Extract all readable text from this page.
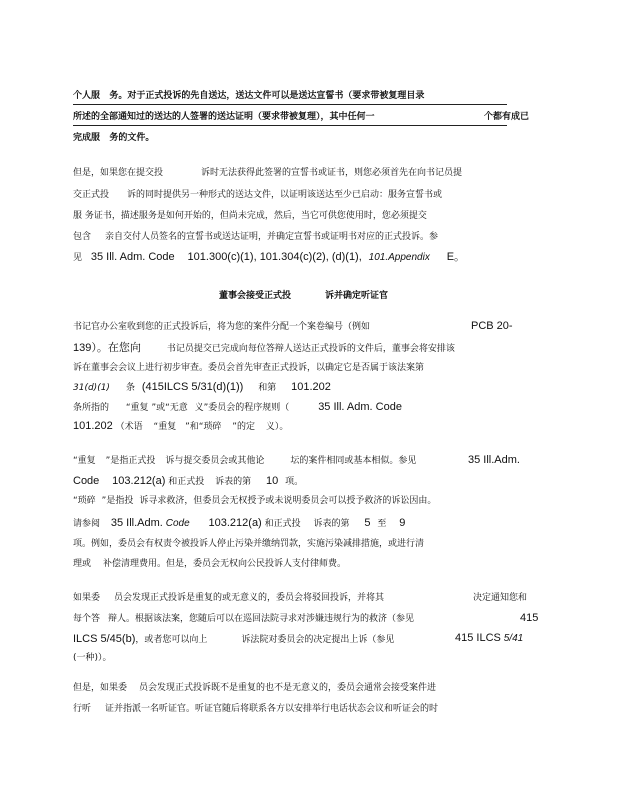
个人服 务。对于正式投诉的先自送达，送达文件可以是送达宣誓书（要求带被复理目录
所述的全部通知过的送达的人签署的送达证明（要求带被复理），其中任何一	个都有成已
完成服 务的文件。
但是，如果您在提交投	诉时无法获得此签署的宣誓书或证书，则您必须首先在向书记员提
交正式投 诉的同时提供另一种形式的送达文件，以证明该送达至少已启动：服务宣誓书或
服 务证书，描述服务是如何开始的，但尚未完成，然后，当它可供您使用时，您必须提交
包含 亲自交付人员签名的宣誓书或送达证明，并确定宣誓书或证明书对应的正式投诉。参
见 35 Ill. Adm. Code 101.300(c)(1), 101.304(c)(2), (d)(1), 101.Appendix E。
董事会接受正式投	诉并确定听证官
书记官办公室收到您的正式投诉后，将为您的案件分配一个案卷编号（例如	PCB 20-
139）。在您向	书记员提交已完成向每位答辩人送达正式投诉的文件后，董事会将安排该
诉在董事会会议上进行初步审查。委员会首先审查正式投诉，以确定它是否属于该法案第
31(d)(1) 条 (415ILCS 5/31(d)(1)) 和第 101.202
条所指的 “重复 ”或“无意 义”委员会的程序规则（	35 Ill. Adm. Code
101.202 （术语 “重复 ”和“琐碎 ”的定 义）。
“重复 ”是指正式投 诉与提交委员会或其他论	坛的案件相同或基本相似。参见	35 Ill.Adm.
Code 103.212(a) 和正式投 诉表的第 10 项。
“琐碎 ”是指投 诉寻求救济，但委员会无权授予或未说明委员会可以授予救济的诉讼因由。
请参阅 35 Ill.Adm. Code 103.212(a) 和正式投 诉表的第 5 至 9
项。例如，委员会有权责令被投诉人停止污染并缴纳罚款，实施污染减排措施，或进行清
理或 补偿清理费用。但是，委员会无权向公民投诉人支付律师费。
如果委 员会发现正式投诉是重复的或无意义的，委员会将驳回投诉，并将其	决定通知您和
每个答 辩人。根据该法案，您随后可以在巡回法院寻求对涉嫌违规行为的救济（参见	415
ILCS 5/45(b)，或者您可以向上	诉法院对委员会的决定提出上诉（参见	415 ILCS 5/41
(一种)）。
但是，如果委 员会发现正式投诉既不是重复的也不是无意义的，委员会通常会接受案件进
行听 证并指派一名听证官。听证官随后将联系各方以安排举行电话状态会议和听证会的时
